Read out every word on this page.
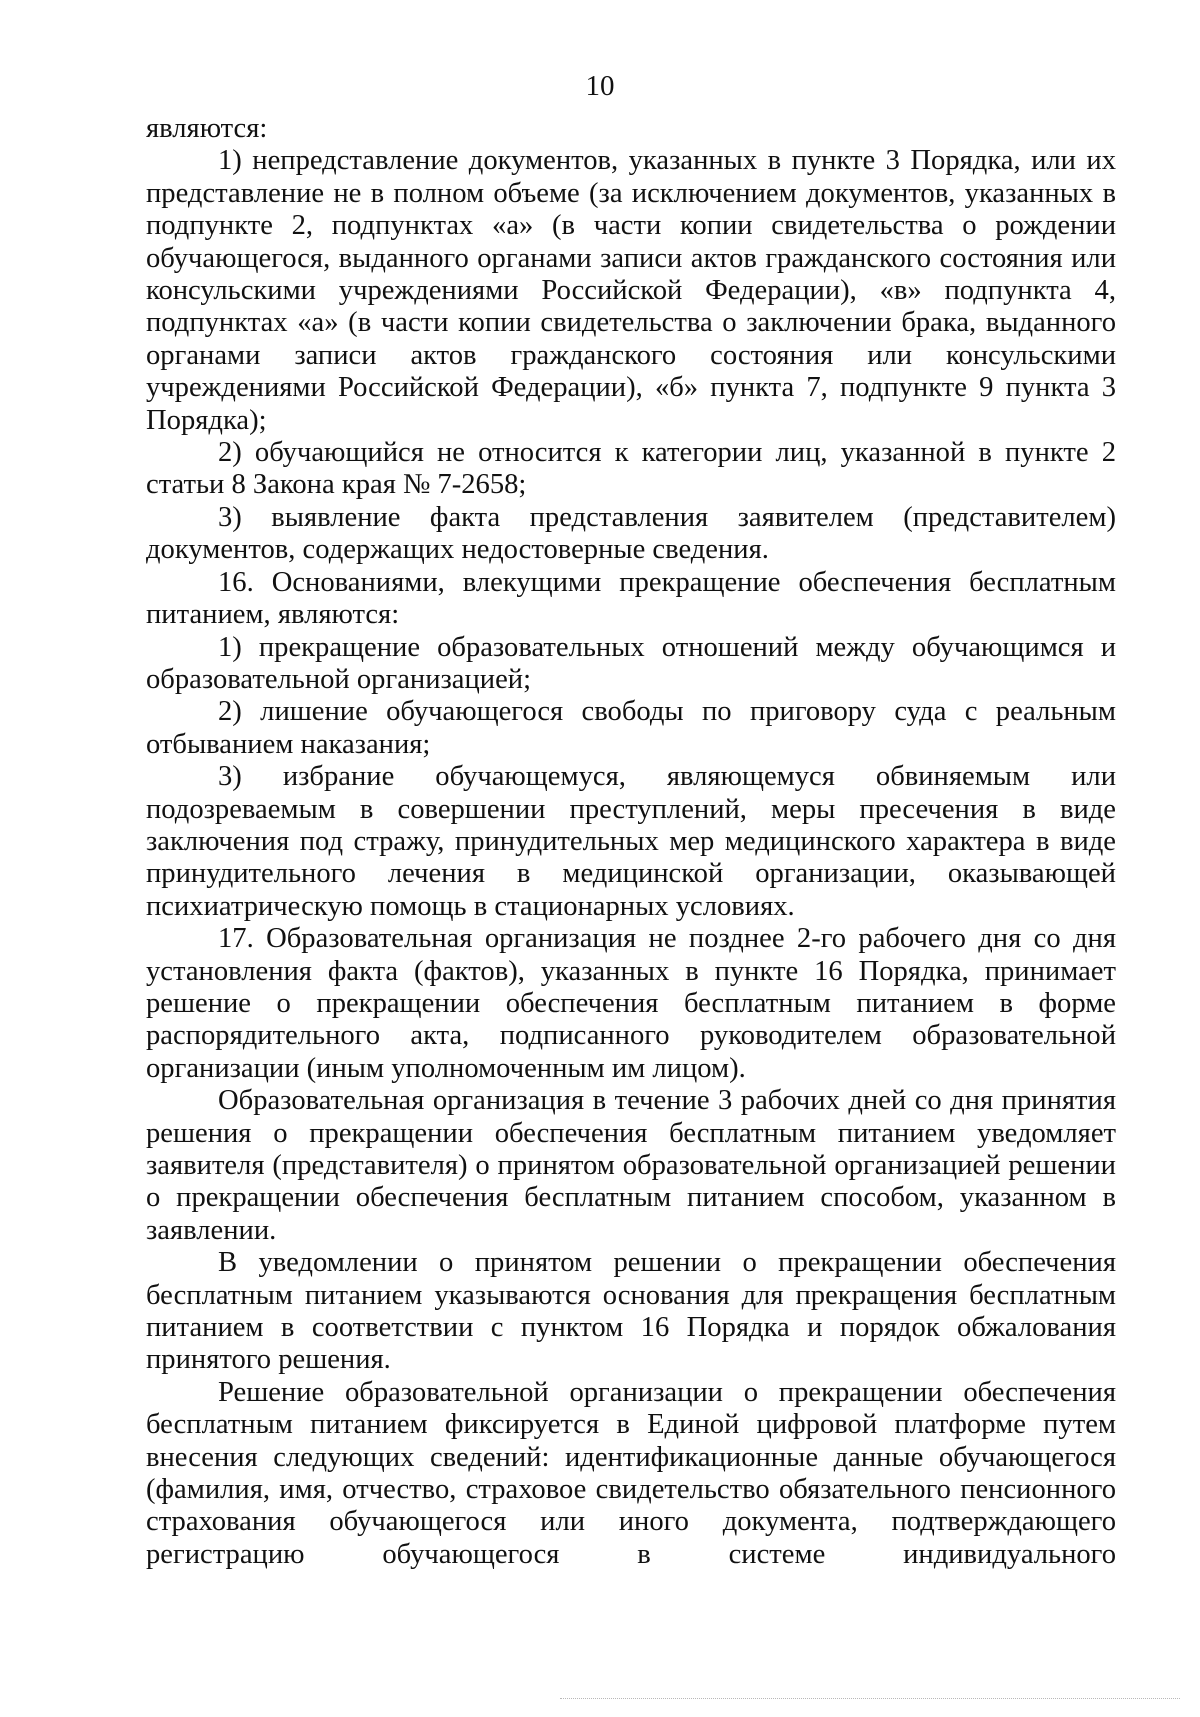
10

являются:

1) непредставление документов, указанных в пункте 3 Порядка, или их представление не в полном объеме (за исключением документов, указанных в подпункте 2, подпунктах «а» (в части копии свидетельства о рождении обучающегося, выданного органами записи актов гражданского состояния или консульскими учреждениями Российской Федерации), «в» подпункта 4, подпунктах «а» (в части копии свидетельства о заключении брака, выданного органами записи актов гражданского состояния или консульскими учреждениями Российской Федерации), «б» пункта 7, подпункте 9 пункта 3 Порядка);

2) обучающийся не относится к категории лиц, указанной в пункте 2 статьи 8 Закона края № 7-2658;

3) выявление факта представления заявителем (представителем) документов, содержащих недостоверные сведения.

16. Основаниями, влекущими прекращение обеспечения бесплатным питанием, являются:

1) прекращение образовательных отношений между обучающимся и образовательной организацией;

2) лишение обучающегося свободы по приговору суда с реальным отбыванием наказания;

3) избрание обучающемуся, являющемуся обвиняемым или подозреваемым в совершении преступлений, меры пресечения в виде заключения под стражу, принудительных мер медицинского характера в виде принудительного лечения в медицинской организации, оказывающей психиатрическую помощь в стационарных условиях.

17. Образовательная организация не позднее 2-го рабочего дня со дня установления факта (фактов), указанных в пункте 16 Порядка, принимает решение о прекращении обеспечения бесплатным питанием в форме распорядительного акта, подписанного руководителем образовательной организации (иным уполномоченным им лицом).

Образовательная организация в течение 3 рабочих дней со дня принятия решения о прекращении обеспечения бесплатным питанием уведомляет заявителя (представителя) о принятом образовательной организацией решении о прекращении обеспечения бесплатным питанием способом, указанном в заявлении.

В уведомлении о принятом решении о прекращении обеспечения бесплатным питанием указываются основания для прекращения бесплатным питанием в соответствии с пунктом 16 Порядка и порядок обжалования принятого решения.

Решение образовательной организации о прекращении обеспечения бесплатным питанием фиксируется в Единой цифровой платформе путем внесения следующих сведений: идентификационные данные обучающегося (фамилия, имя, отчество, страховое свидетельство обязательного пенсионного страхования обучающегося или иного документа, подтверждающего регистрацию обучающегося в системе индивидуального
